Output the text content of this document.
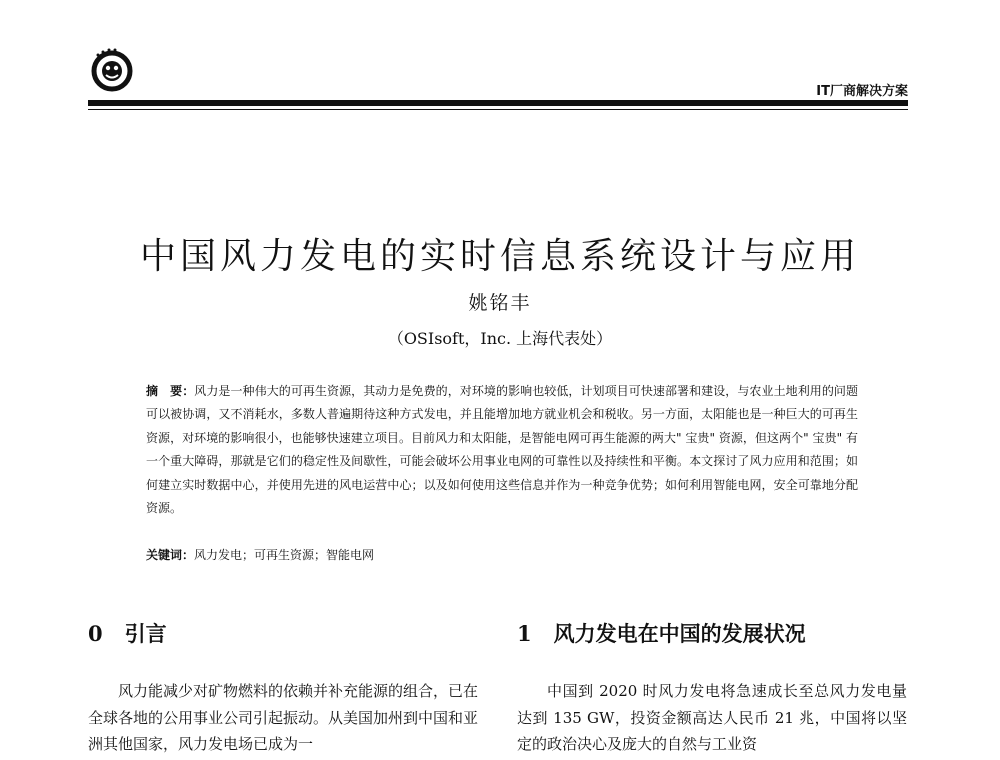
IT厂商解决方案
中国风力发电的实时信息系统设计与应用
姚铭丰
（OSIsoft，Inc. 上海代表处）
摘　要：风力是一种伟大的可再生资源，其动力是免费的，对环境的影响也较低，计划项目可快速部署和建设，与农业土地利用的问题可以被协调，又不消耗水，多数人普遍期待这种方式发电，并且能增加地方就业机会和税收。另一方面，太阳能也是一种巨大的可再生资源，对环境的影响很小，也能够快速建立项目。目前风力和太阳能，是智能电网可再生能源的两大" 宝贵" 资源，但这两个" 宝贵" 有一个重大障碍，那就是它们的稳定性及间歇性，可能会破坏公用事业电网的可靠性以及持续性和平衡。本文探讨了风力应用和范围；如何建立实时数据中心，并使用先进的风电运营中心；以及如何使用这些信息并作为一种竞争优势；如何利用智能电网，安全可靠地分配资源。
关键词：风力发电；可再生资源；智能电网
0 引言	1 风力发电在中国的发展状况

风力能减少对矿物燃料的依赖并补充能源的组合，已在全球各地的公用事业公司引起振动。从美国加州到中国和亚洲其他国家，风力发电场已成为一

中国到 2020 时风力发电将急速成长至总风力发电量达到 135 GW，投资金额高达人民币 21 兆，中国将以坚定的政治决心及庞大的自然与工业资
